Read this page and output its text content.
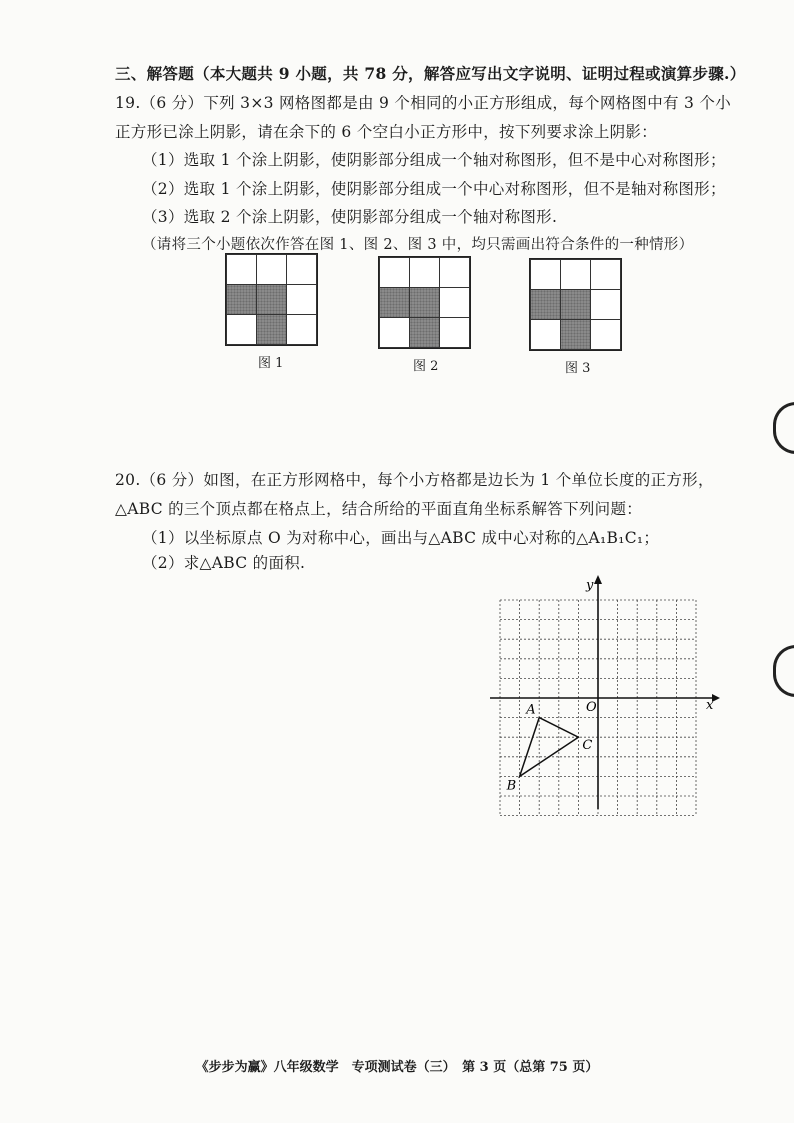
三、解答题（本大题共 9 小题，共 78 分，解答应写出文字说明、证明过程或演算步骤.）
19.（6 分）下列 3×3 网格图都是由 9 个相同的小正方形组成，每个网格图中有 3 个小
正方形已涂上阴影，请在余下的 6 个空白小正方形中，按下列要求涂上阴影：
（1）选取 1 个涂上阴影，使阴影部分组成一个轴对称图形，但不是中心对称图形；
（2）选取 1 个涂上阴影，使阴影部分组成一个中心对称图形，但不是轴对称图形；
（3）选取 2 个涂上阴影，使阴影部分组成一个轴对称图形.
（请将三个小题依次作答在图 1、图 2、图 3 中，均只需画出符合条件的一种情形）
图 1	图 2	图 3
20.（6 分）如图，在正方形网格中，每个小方格都是边长为 1 个单位长度的正方形，
△ABC 的三个顶点都在格点上，结合所给的平面直角坐标系解答下列问题：
（1）以坐标原点 O 为对称中心，画出与△ABC 成中心对称的△A₁B₁C₁；
（2）求△ABC 的面积.
x
y
O
A
B
C
《步步为赢》八年级数学　专项测试卷（三）　第 3 页（总第 75 页）
